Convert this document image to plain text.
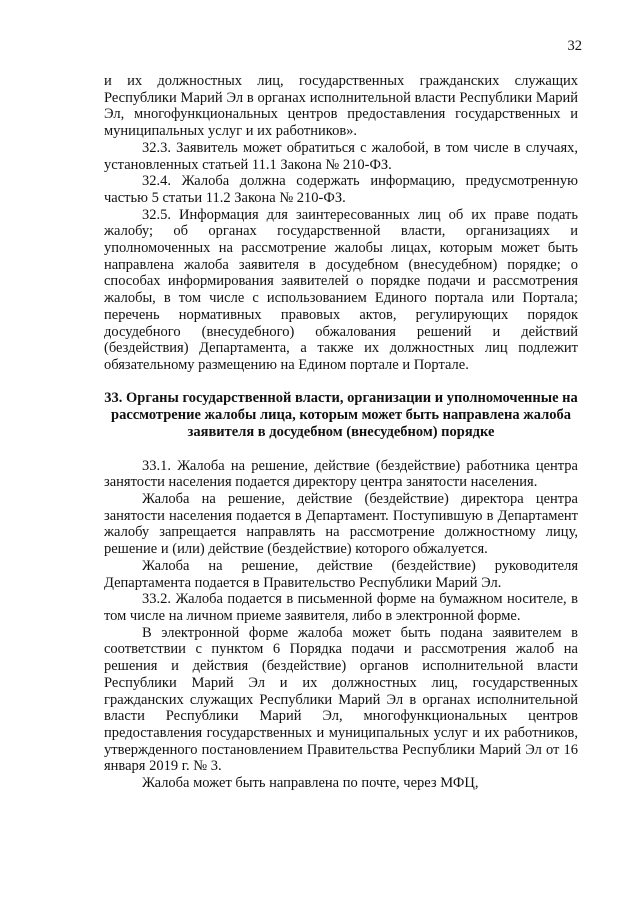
32

и их должностных лиц, государственных гражданских служащих Республики Марий Эл в органах исполнительной власти Республики Марий Эл, многофункциональных центров предоставления государственных и муниципальных услуг и их работников».

32.3. Заявитель может обратиться с жалобой, в том числе в случаях, установленных статьей 11.1 Закона № 210-ФЗ.

32.4. Жалоба должна содержать информацию, предусмотренную частью 5 статьи 11.2 Закона № 210-ФЗ.

32.5. Информация для заинтересованных лиц об их праве подать жалобу; об органах государственной власти, организациях и уполномоченных на рассмотрение жалобы лицах, которым может быть направлена жалоба заявителя в досудебном (внесудебном) порядке; о способах информирования заявителей о порядке подачи и рассмотрения жалобы, в том числе с использованием Единого портала или Портала; перечень нормативных правовых актов, регулирующих порядок досудебного (внесудебного) обжалования решений и действий (бездействия) Департамента, а также их должностных лиц подлежит обязательному размещению на Едином портале и Портале.

33. Органы государственной власти, организации и уполномоченные на рассмотрение жалобы лица, которым может быть направлена жалоба заявителя в досудебном (внесудебном) порядке

33.1. Жалоба на решение, действие (бездействие) работника центра занятости населения подается директору центра занятости населения.

Жалоба на решение, действие (бездействие) директора центра занятости населения подается в Департамент. Поступившую в Департамент жалобу запрещается направлять на рассмотрение должностному лицу, решение и (или) действие (бездействие) которого обжалуется.

Жалоба на решение, действие (бездействие) руководителя Департамента подается в Правительство Республики Марий Эл.

33.2. Жалоба подается в письменной форме на бумажном носителе, в том числе на личном приеме заявителя, либо в электронной форме.

В электронной форме жалоба может быть подана заявителем в соответствии с пунктом 6 Порядка подачи и рассмотрения жалоб на решения и действия (бездействие) органов исполнительной власти Республики Марий Эл и их должностных лиц, государственных гражданских служащих Республики Марий Эл в органах исполнительной власти Республики Марий Эл, многофункциональных центров предоставления государственных и муниципальных услуг и их работников, утвержденного постановлением Правительства Республики Марий Эл от 16 января 2019 г. № 3.

Жалоба может быть направлена по почте, через МФЦ,
